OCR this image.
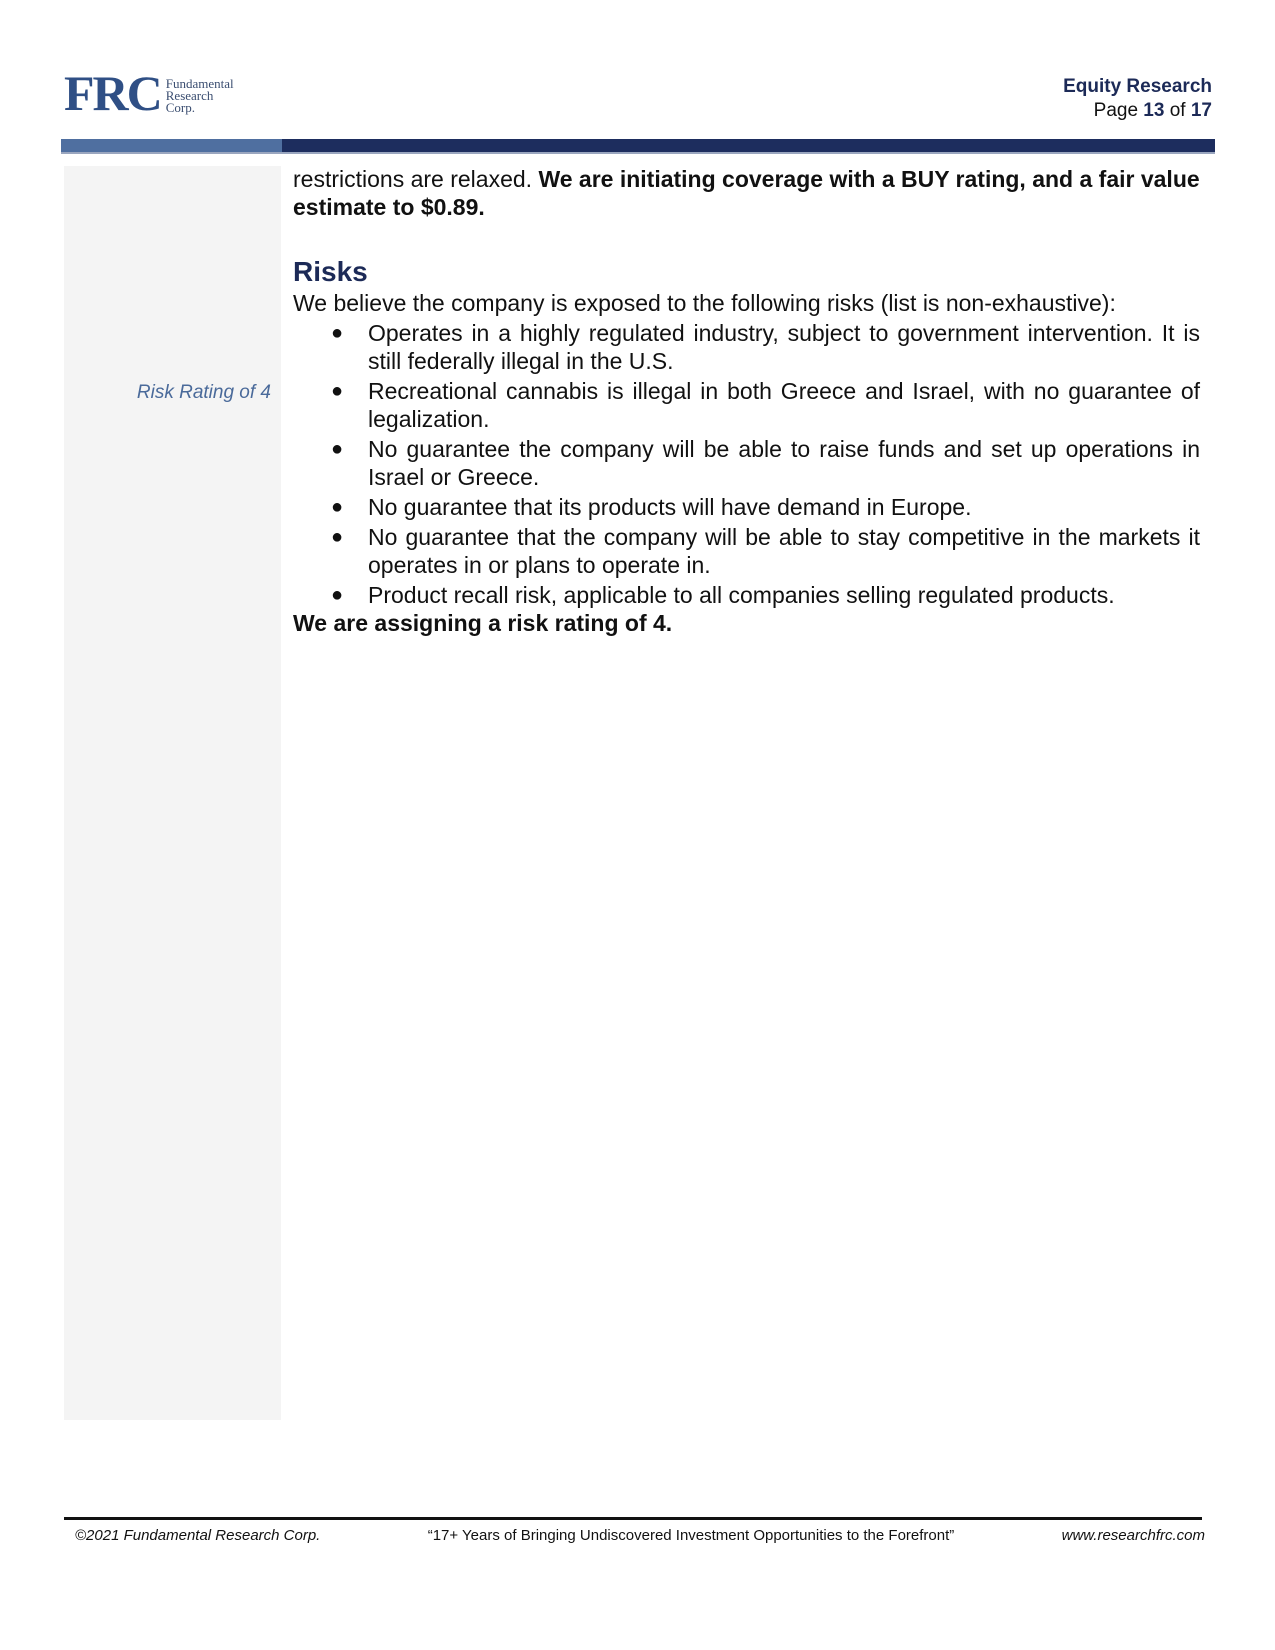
FRC Fundamental
Research
Corp.
Equity Research
Page 13 of 17
Risk Rating of 4

restrictions are relaxed. We are initiating coverage with a BUY rating, and a fair value estimate to $0.89.

Risks

We believe the company is exposed to the following risks (list is non-exhaustive):

● Operates in a highly regulated industry, subject to government intervention. It is still federally illegal in the U.S.
● Recreational cannabis is illegal in both Greece and Israel, with no guarantee of legalization.
● No guarantee the company will be able to raise funds and set up operations in Israel or Greece.
● No guarantee that its products will have demand in Europe.
● No guarantee that the company will be able to stay competitive in the markets it operates in or plans to operate in.
● Product recall risk, applicable to all companies selling regulated products.

We are assigning a risk rating of 4.

©2021 Fundamental Research Corp.	“17+ Years of Bringing Undiscovered Investment Opportunities to the Forefront”	www.researchfrc.com
